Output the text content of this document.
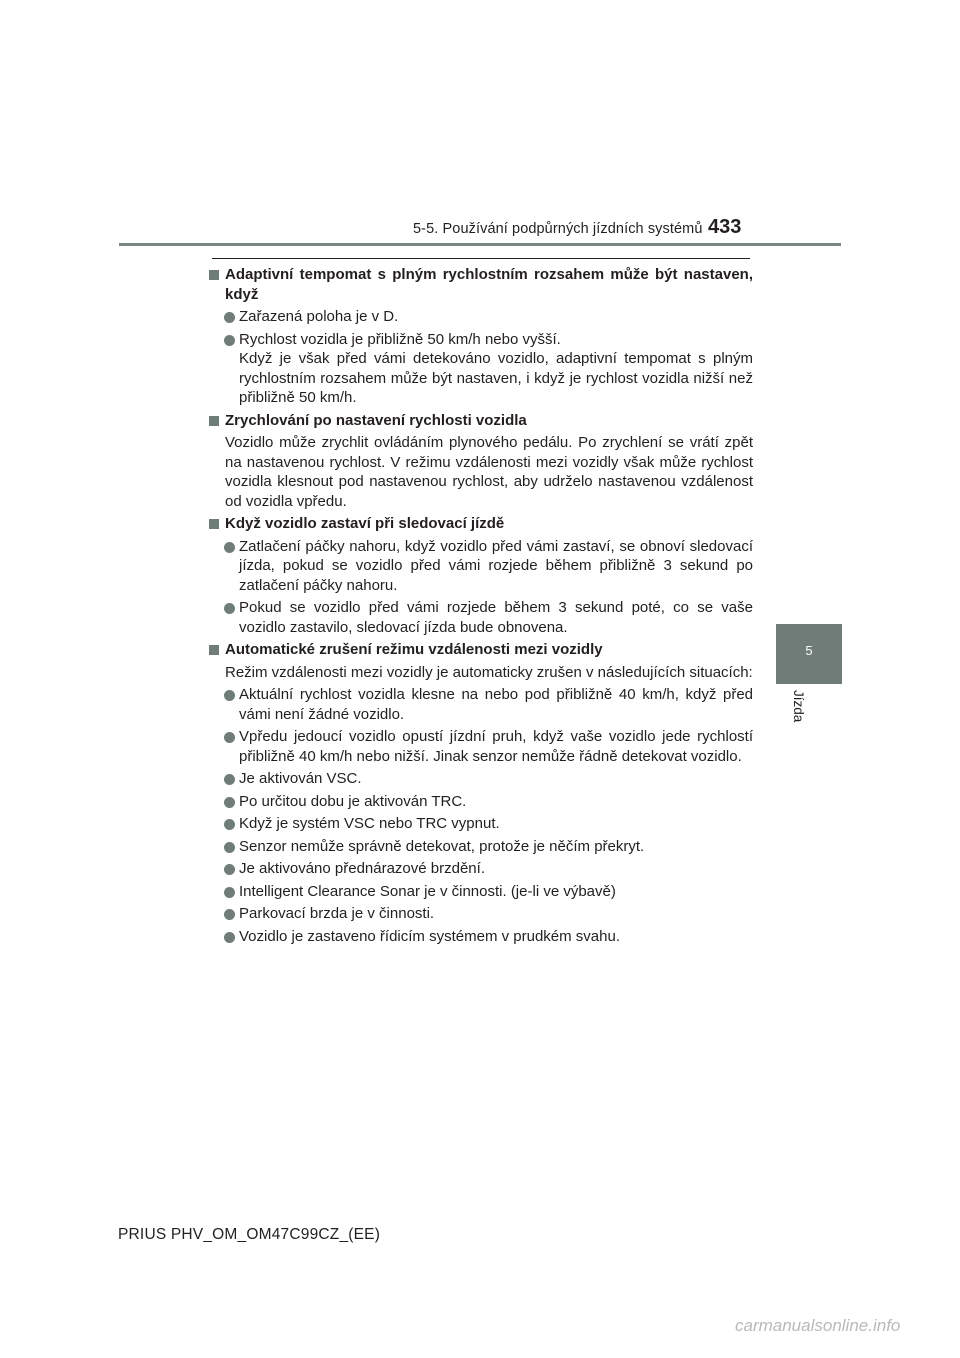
5-5. Používání podpůrných jízdních systémů 433
5
Jízda
Adaptivní tempomat s plným rychlostním rozsahem může být nastaven, když
Zařazená poloha je v D.
Rychlost vozidla je přibližně 50 km/h nebo vyšší.
Když je však před vámi detekováno vozidlo, adaptivní tempomat s plným rychlostním rozsahem může být nastaven, i když je rychlost vozidla nižší než přibližně 50 km/h.
Zrychlování po nastavení rychlosti vozidla
Vozidlo může zrychlit ovládáním plynového pedálu. Po zrychlení se vrátí zpět na nastavenou rychlost. V režimu vzdálenosti mezi vozidly však může rychlost vozidla klesnout pod nastavenou rychlost, aby udrželo nastavenou vzdálenost od vozidla vpředu.
Když vozidlo zastaví při sledovací jízdě
Zatlačení páčky nahoru, když vozidlo před vámi zastaví, se obnoví sledovací jízda, pokud se vozidlo před vámi rozjede během přibližně 3 sekund po zatlačení páčky nahoru.
Pokud se vozidlo před vámi rozjede během 3 sekund poté, co se vaše vozidlo zastavilo, sledovací jízda bude obnovena.
Automatické zrušení režimu vzdálenosti mezi vozidly
Režim vzdálenosti mezi vozidly je automaticky zrušen v následujících situacích:
Aktuální rychlost vozidla klesne na nebo pod přibližně 40 km/h, když před vámi není žádné vozidlo.
Vpředu jedoucí vozidlo opustí jízdní pruh, když vaše vozidlo jede rychlostí přibližně 40 km/h nebo nižší. Jinak senzor nemůže řádně detekovat vozidlo.
Je aktivován VSC.
Po určitou dobu je aktivován TRC.
Když je systém VSC nebo TRC vypnut.
Senzor nemůže správně detekovat, protože je něčím překryt.
Je aktivováno přednárazové brzdění.
Intelligent Clearance Sonar je v činnosti. (je-li ve výbavě)
Parkovací brzda je v činnosti.
Vozidlo je zastaveno řídicím systémem v prudkém svahu.
PRIUS PHV_OM_OM47C99CZ_(EE)
carmanualsonline.info
